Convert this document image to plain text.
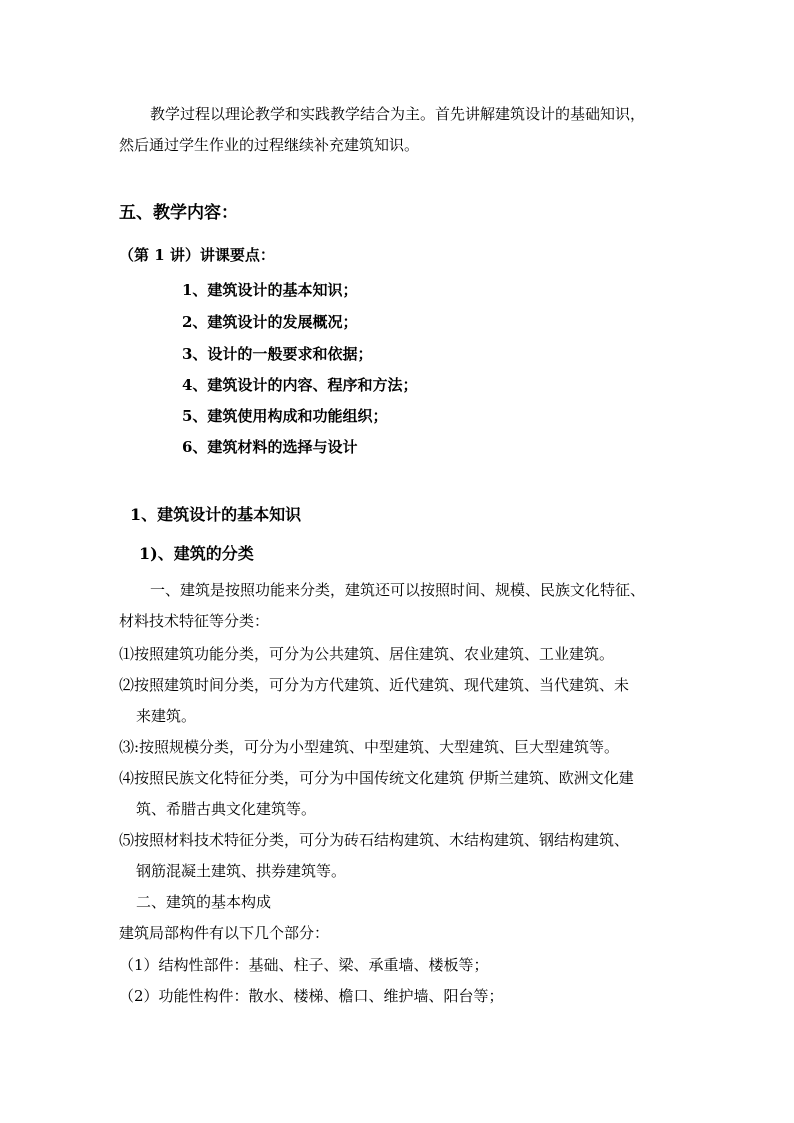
教学过程以理论教学和实践教学结合为主。首先讲解建筑设计的基础知识，
然后通过学生作业的过程继续补充建筑知识。
五、教学内容：
（第 1 讲）讲课要点：
1、建筑设计的基本知识；
2、建筑设计的发展概况；
3、设计的一般要求和依据；
4、建筑设计的内容、程序和方法；
5、建筑使用构成和功能组织；
6、建筑材料的选择与设计
1、建筑设计的基本知识
1)、建筑的分类
一、建筑是按照功能来分类，建筑还可以按照时间、规模、民族文化特征、
材料技术特征等分类：
⑴按照建筑功能分类，可分为公共建筑、居住建筑、农业建筑、工业建筑。
⑵按照建筑时间分类，可分为方代建筑、近代建筑、现代建筑、当代建筑、未
来建筑。
⑶:按照规模分类，可分为小型建筑、中型建筑、大型建筑、巨大型建筑等。
⑷按照民族文化特征分类，可分为中国传统文化建筑 伊斯兰建筑、欧洲文化建
筑、希腊古典文化建筑等。
⑸按照材料技术特征分类，可分为砖石结构建筑、木结构建筑、钢结构建筑、
钢筋混凝土建筑、拱券建筑等。
二、建筑的基本构成
建筑局部构件有以下几个部分：
（1）结构性部件：基础、柱子、梁、承重墙、楼板等；
（2）功能性构件：散水、楼梯、檐口、维护墙、阳台等；
